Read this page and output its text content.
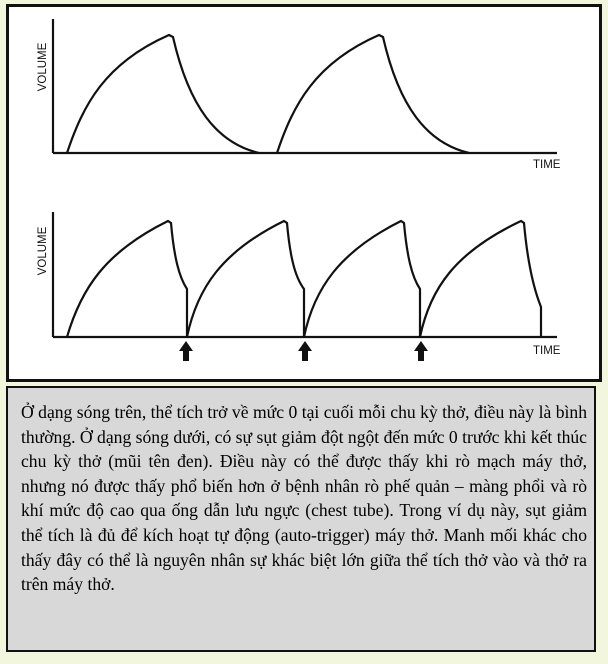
VOLUME
TIME
VOLUME
TIME

Ở dạng sóng trên, thể tích trở về mức 0 tại cuối mỗi chu kỳ thở, điều này là bình thường. Ở dạng sóng dưới, có sự sụt giảm đột ngột đến mức 0 trước khi kết thúc chu kỳ thở (mũi tên đen). Điều này có thể được thấy khi rò mạch máy thở, nhưng nó được thấy phổ biến hơn ở bệnh nhân rò phế quản – màng phổi và rò khí mức độ cao qua ống dẫn lưu ngực (chest tube). Trong ví dụ này, sụt giảm thể tích là đủ để kích hoạt tự động (auto-trigger) máy thở. Manh mối khác cho thấy đây có thể là nguyên nhân sự khác biệt lớn giữa thể tích thở vào và thở ra trên máy thở.
